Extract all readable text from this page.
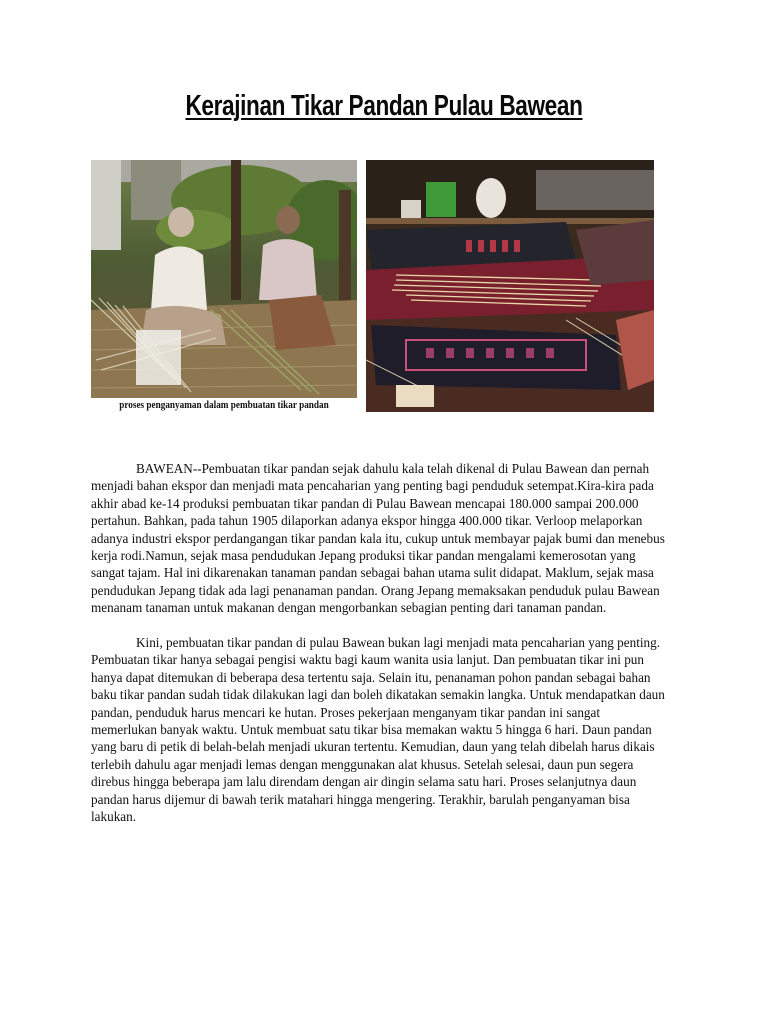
Kerajinan Tikar Pandan Pulau Bawean
proses penganyaman dalam pembuatan tikar pandan

BAWEAN--Pembuatan tikar pandan sejak dahulu kala telah dikenal di Pulau Bawean dan pernah menjadi bahan ekspor dan menjadi mata pencaharian yang penting bagi penduduk setempat.Kira-kira pada akhir abad ke-14 produksi pembuatan tikar pandan di Pulau Bawean mencapai 180.000 sampai 200.000 pertahun. Bahkan, pada tahun 1905 dilaporkan adanya ekspor hingga 400.000 tikar. Verloop melaporkan adanya industri ekspor perdangangan tikar pandan kala itu, cukup untuk membayar pajak bumi dan menebus kerja rodi.Namun, sejak masa pendudukan Jepang produksi tikar pandan mengalami kemerosotan yang sangat tajam. Hal ini dikarenakan tanaman pandan sebagai bahan utama sulit didapat. Maklum, sejak masa pendudukan Jepang tidak ada lagi penanaman pandan. Orang Jepang memaksakan penduduk pulau Bawean menanam tanaman untuk makanan dengan mengorbankan sebagian penting dari tanaman pandan.

Kini, pembuatan tikar pandan di pulau Bawean bukan lagi menjadi mata pencaharian yang penting. Pembuatan tikar hanya sebagai pengisi waktu bagi kaum wanita usia lanjut. Dan pembuatan tikar ini pun hanya dapat ditemukan di beberapa desa tertentu saja. Selain itu, penanaman pohon pandan sebagai bahan baku tikar pandan sudah tidak dilakukan lagi dan boleh dikatakan semakin langka. Untuk mendapatkan daun pandan, penduduk harus mencari ke hutan. Proses pekerjaan menganyam tikar pandan ini sangat memerlukan banyak waktu. Untuk membuat satu tikar bisa memakan waktu 5 hingga 6 hari. Daun pandan yang baru di petik di belah-belah menjadi ukuran tertentu. Kemudian, daun yang telah dibelah harus dikais terlebih dahulu agar menjadi lemas dengan menggunakan alat khusus. Setelah selesai, daun pun segera direbus hingga beberapa jam lalu direndam dengan air dingin selama satu hari. Proses selanjutnya daun pandan harus dijemur di bawah terik matahari hingga mengering. Terakhir, barulah penganyaman bisa lakukan.
